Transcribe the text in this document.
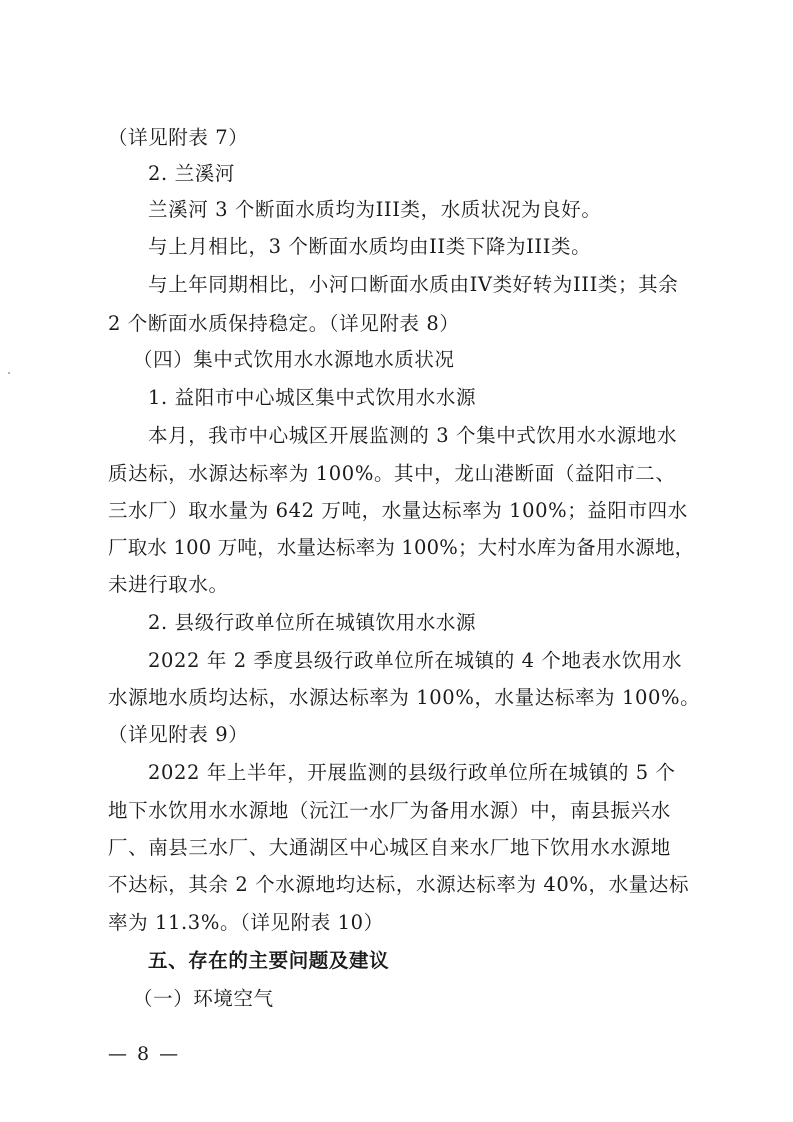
（详见附表 7）
2. 兰溪河
兰溪河 3 个断面水质均为III类，水质状况为良好。
与上月相比，3 个断面水质均由II类下降为III类。
与上年同期相比，小河口断面水质由IV类好转为III类；其余
2 个断面水质保持稳定。（详见附表 8）
（四）集中式饮用水水源地水质状况
1. 益阳市中心城区集中式饮用水水源
本月，我市中心城区开展监测的 3 个集中式饮用水水源地水
质达标，水源达标率为 100%。其中，龙山港断面（益阳市二、
三水厂）取水量为 642 万吨，水量达标率为 100%；益阳市四水
厂取水 100 万吨，水量达标率为 100%；大村水库为备用水源地，
未进行取水。
2. 县级行政单位所在城镇饮用水水源
2022 年 2 季度县级行政单位所在城镇的 4 个地表水饮用水
水源地水质均达标，水源达标率为 100%，水量达标率为 100%。
（详见附表 9）
2022 年上半年，开展监测的县级行政单位所在城镇的 5 个
地下水饮用水水源地（沅江一水厂为备用水源）中，南县振兴水
厂、南县三水厂、大通湖区中心城区自来水厂地下饮用水水源地
不达标，其余 2 个水源地均达标，水源达标率为 40%，水量达标
率为 11.3%。（详见附表 10）
五、存在的主要问题及建议
（一）环境空气
— 8 —
